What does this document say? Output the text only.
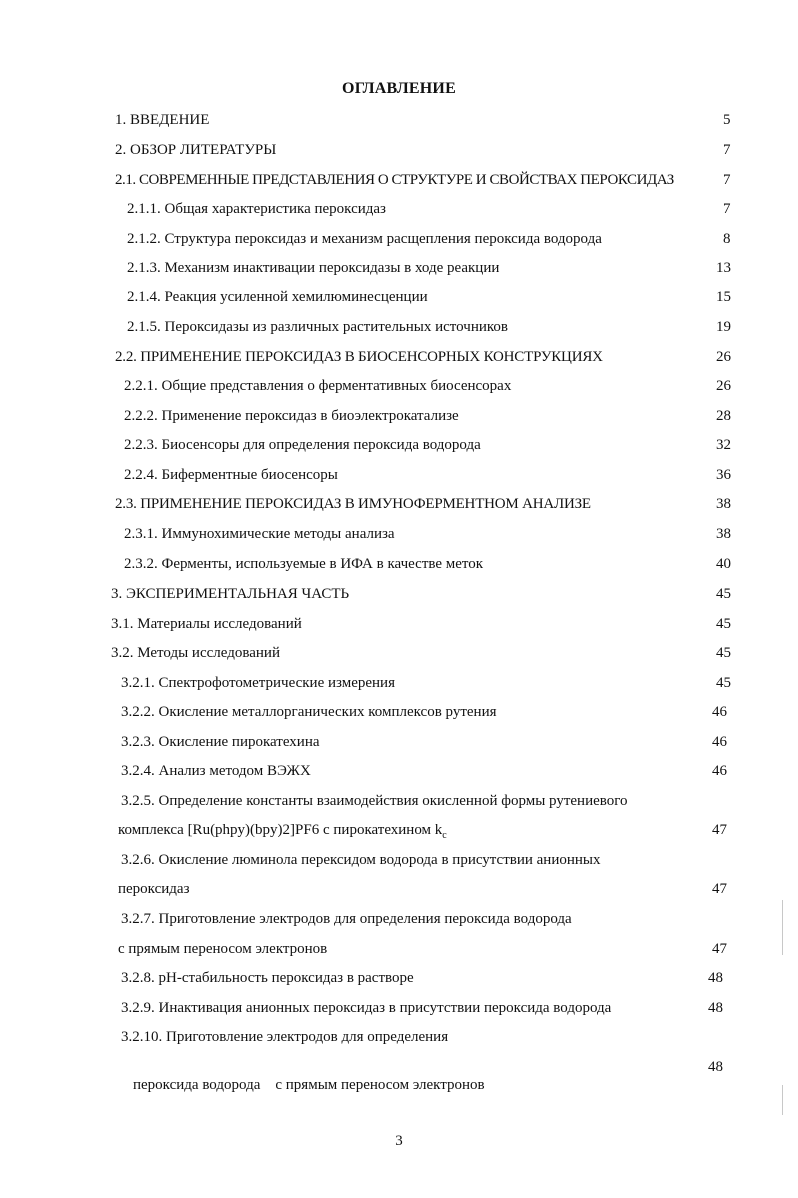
ОГЛАВЛЕНИЕ
1. ВВЕДЕНИЕ
2. ОБЗОР ЛИТЕРАТУРЫ
2.1. СОВРЕМЕННЫЕ ПРЕДСТАВЛЕНИЯ О СТРУКТУРЕ И СВОЙСТВАХ ПЕРОКСИДАЗ
2.1.1. Общая характеристика пероксидаз
2.1.2. Структура пероксидаз и механизм расщепления пероксида водорода
2.1.3. Механизм инактивации пероксидазы в ходе реакции
2.1.4. Реакция усиленной хемилюминесценции
2.1.5. Пероксидазы из различных растительных источников
2.2. ПРИМЕНЕНИЕ ПЕРОКСИДАЗ В БИОСЕНСОРНЫХ КОНСТРУКЦИЯХ
2.2.1. Общие представления о ферментативных биосенсорах
2.2.2. Применение пероксидаз в биоэлектрокатализе
2.2.3. Биосенсоры для определения пероксида водорода
2.2.4. Биферментные биосенсоры
2.3. ПРИМЕНЕНИЕ ПЕРОКСИДАЗ В ИМУНОФЕРМЕНТНОМ АНАЛИЗЕ
2.3.1. Иммунохимические методы анализа
2.3.2. Ферменты, используемые в ИФА в качестве меток
3. ЭКСПЕРИМЕНТАЛЬНАЯ ЧАСТЬ
3.1. Материалы исследований
3.2. Методы исследований
3.2.1. Спектрофотометрические измерения
3.2.2. Окисление металлорганических комплексов рутения
3.2.3. Окисление пирокатехина
3.2.4. Анализ методом ВЭЖХ
3.2.5. Определение константы взаимодействия окисленной формы рутениевого
комплекса [Ru(phpy)(bpy)2]PF6 с пирокатехином $k_c$
3.2.6. Окисление люминола перексидом водорода в присутствии анионных
пероксидаз
3.2.7. Приготовление электродов для определения пероксида водорода
с прямым переносом электронов
3.2.8. pH-стабильность пероксидаз в растворе
3.2.9. Инактивация анионных пероксидаз в присутствии пероксида водорода
3.2.10. Приготовление электродов для определения

пероксида водорода    с прямым переносом электронов

5
7
7
7
8
13
15
19
26
26
28
32
36
38
38
40
45
45
45
45
46
46
46
47
47
47
48
48
48
3
